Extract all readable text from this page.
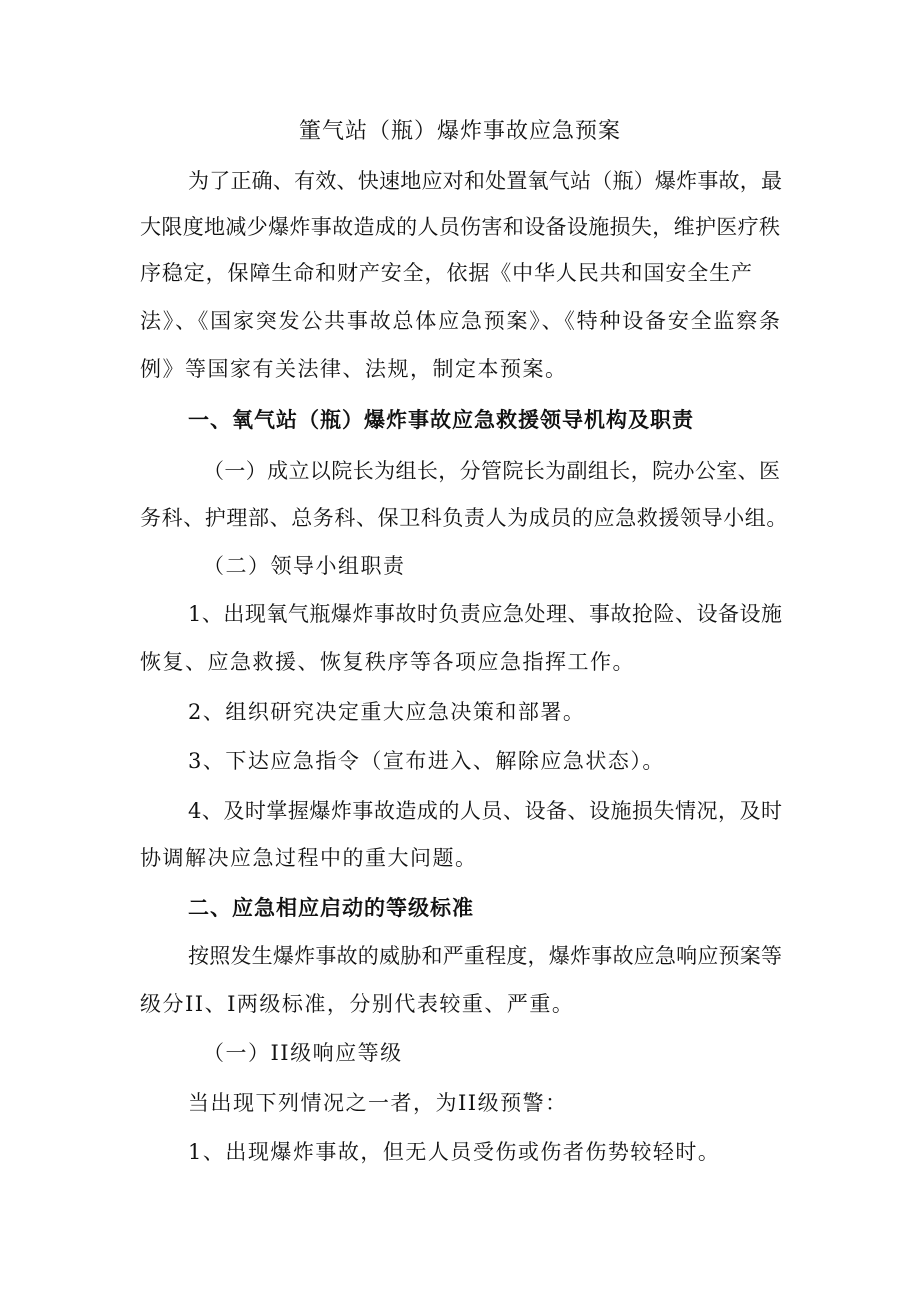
箽气站（瓶）爆炸事故应急预案
为了正确、有效、快速地应对和处置氧气站（瓶）爆炸事故，最
大限度地减少爆炸事故造成的人员伤害和设备设施损失，维护医疗秩
序稳定，保障生命和财产安全，依据《中华人民共和国安全生产
法》、《国家突发公共事故总体应急预案》、《特种设备安全监察条
例》等国家有关法律、法规，制定本预案。
一、氧气站（瓶）爆炸事故应急救援领导机构及职责
（一）成立以院长为组长，分管院长为副组长，院办公室、医
务科、护理部、总务科、保卫科负责人为成员的应急救援领导小组。
（二）领导小组职责
1、出现氧气瓶爆炸事故时负责应急处理、事故抢险、设备设施
恢复、应急救援、恢复秩序等各项应急指挥工作。
2、组织研究决定重大应急决策和部署。
3、下达应急指令（宣布进入、解除应急状态）。
4、及时掌握爆炸事故造成的人员、设备、设施损失情况，及时
协调解决应急过程中的重大问题。
二、应急相应启动的等级标准
按照发生爆炸事故的威胁和严重程度，爆炸事故应急响应预案等
级分II、I两级标准，分别代表较重、严重。
（一）II级响应等级
当出现下列情况之一者，为II级预警：
1、出现爆炸事故，但无人员受伤或伤者伤势较轻时。
